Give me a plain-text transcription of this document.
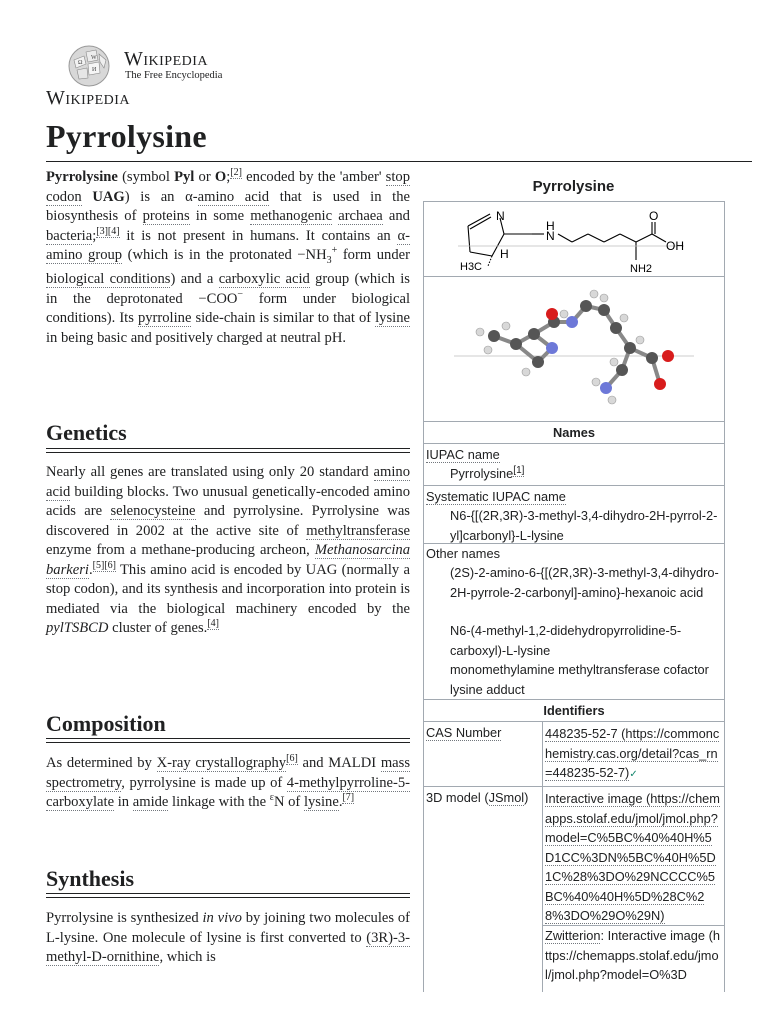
Ω
W
И Wikipedia
The Free Encyclopedia
Wikipedia
Pyrrolysine

Pyrrolysine (symbol Pyl or O;[2] encoded by the 'amber' stop codon UAG) is an α-amino acid that is used in the biosynthesis of proteins in some methanogenic archaea and bacteria;[3][4] it is not present in humans. It contains an α-amino group (which is in the protonated $-NH_3^+$ form under biological conditions) and a carboxylic acid group (which is in the deprotonated −COO− form under biological conditions). Its pyrroline side-chain is similar to that of lysine in being basic and positively charged at neutral pH.

Genetics

Nearly all genes are translated using only 20 standard amino acid building blocks. Two unusual genetically-encoded amino acids are selenocysteine and pyrrolysine. Pyrrolysine was discovered in 2002 at the active site of methyltransferase enzyme from a methane-producing archeon, Methanosarcina barkeri.[5][6] This amino acid is encoded by UAG (normally a stop codon), and its synthesis and incorporation into protein is mediated via the biological machinery encoded by the pylTSBCD cluster of genes.[4]

Composition

As determined by X-ray crystallography[6] and MALDI mass spectrometry, pyrrolysine is made up of 4-methylpyrroline-5-carboxylate in amide linkage with the $^\varepsilon$N of lysine.[7]

Synthesis

Pyrrolysine is synthesized in vivo by joining two molecules of L-lysine. One molecule of lysine is first converted to (3R)-3-methyl-D-ornithine, which is

Pyrrolysine
N
H
N
O
OH
H
H3C	NH2
Names
IUPAC name
Pyrrolysine[1]
Systematic IUPAC name
N6-{[(2R,3R)-3-methyl-3,4-dihydro-2H-pyrrol-2-yl]carbonyl}-L-lysine
Other names
(2S)-2-amino-6-{[(2R,3R)-3-methyl-3,4-dihydro-2H-pyrrole-2-carbonyl]-amino}-hexanoic acid
N6-(4-methyl-1,2-didehydropyrrolidine-5-carboxyl)-L-lysine
monomethylamine methyltransferase cofactor lysine adduct
Identifiers
CAS Number	448235-52-7 (https://commonchemistry.cas.org/detail?cas_rn=448235-52-7)✓
3D model (JSmol) Interactive image (https://chemapps.stolaf.edu/jmol/jmol.php?model=C%5BC%40%40H%5D1CC%3DN%5BC%40H%5D1C%28%3DO%29NCCCC%5BC%40%40H%5D%28C%28%3DO%29O%29N)
Zwitterion: Interactive image (https://chemapps.stolaf.edu/jmol/jmol.php?model=O%3D
